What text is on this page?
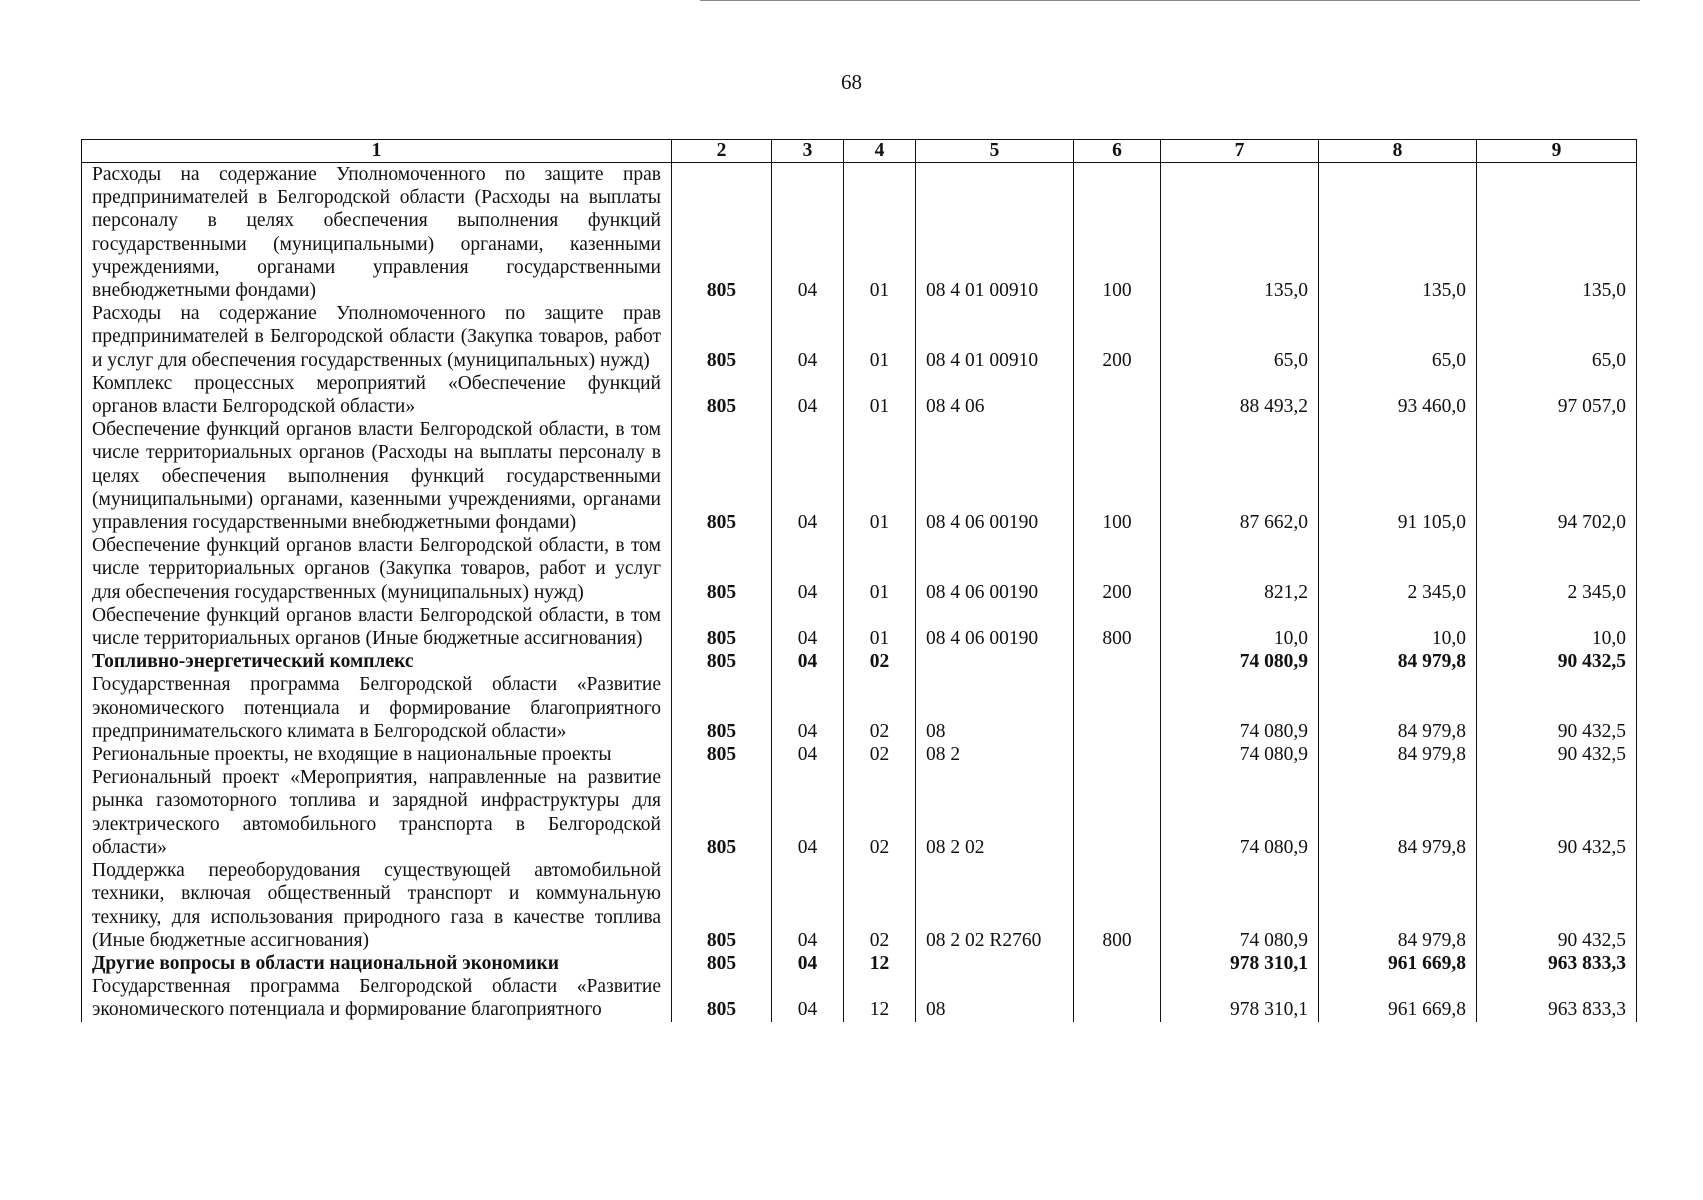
68
1	2	3	4	5	6	7	8	9
Расходы на содержание Уполномоченного по защите прав предпринимателей в Белгородской области (Расходы на выплаты персоналу в целях обеспечения выполнения функций государственными (муниципальными) органами, казенными учреждениями, органами управления государственными внебюджетными фондами)	805	04	01	08 4 01 00910	100	135,0	135,0	135,0
Расходы на содержание Уполномоченного по защите прав предпринимателей в Белгородской области (Закупка товаров, работ и услуг для обеспечения государственных (муниципальных) нужд)	805	04	01	08 4 01 00910	200	65,0	65,0	65,0
Комплекс процессных мероприятий «Обеспечение функций органов власти Белгородской области»	805	04	01	08 4 06		88 493,2	93 460,0	97 057,0
Обеспечение функций органов власти Белгородской области, в том числе территориальных органов (Расходы на выплаты персоналу в целях обеспечения выполнения функций государственными (муниципальными) органами, казенными учреждениями, органами управления государственными внебюджетными фондами)	805	04	01	08 4 06 00190	100	87 662,0	91 105,0	94 702,0
Обеспечение функций органов власти Белгородской области, в том числе территориальных органов (Закупка товаров, работ и услуг для обеспечения государственных (муниципальных) нужд)	805	04	01	08 4 06 00190	200	821,2	2 345,0	2 345,0
Обеспечение функций органов власти Белгородской области, в том числе территориальных органов (Иные бюджетные ассигнования)	805	04	01	08 4 06 00190	800	10,0	10,0	10,0
Топливно-энергетический комплекс	805	04	02			74 080,9	84 979,8	90 432,5
Государственная программа Белгородской области «Развитие экономического потенциала и формирование благоприятного предпринимательского климата в Белгородской области»	805	04	02	08		74 080,9	84 979,8	90 432,5
Региональные проекты, не входящие в национальные проекты	805	04	02	08 2		74 080,9	84 979,8	90 432,5
Региональный проект «Мероприятия, направленные на развитие рынка газомоторного топлива и зарядной инфраструктуры для электрического автомобильного транспорта в Белгородской области»	805	04	02	08 2 02		74 080,9	84 979,8	90 432,5
Поддержка переоборудования существующей автомобильной техники, включая общественный транспорт и коммунальную технику, для использования природного газа в качестве топлива (Иные бюджетные ассигнования)	805	04	02	08 2 02 R2760	800	74 080,9	84 979,8	90 432,5
Другие вопросы в области национальной экономики	805	04	12			978 310,1	961 669,8	963 833,3
Государственная программа Белгородской области «Развитие экономического потенциала и формирование благоприятного	805	04	12	08		978 310,1	961 669,8	963 833,3
